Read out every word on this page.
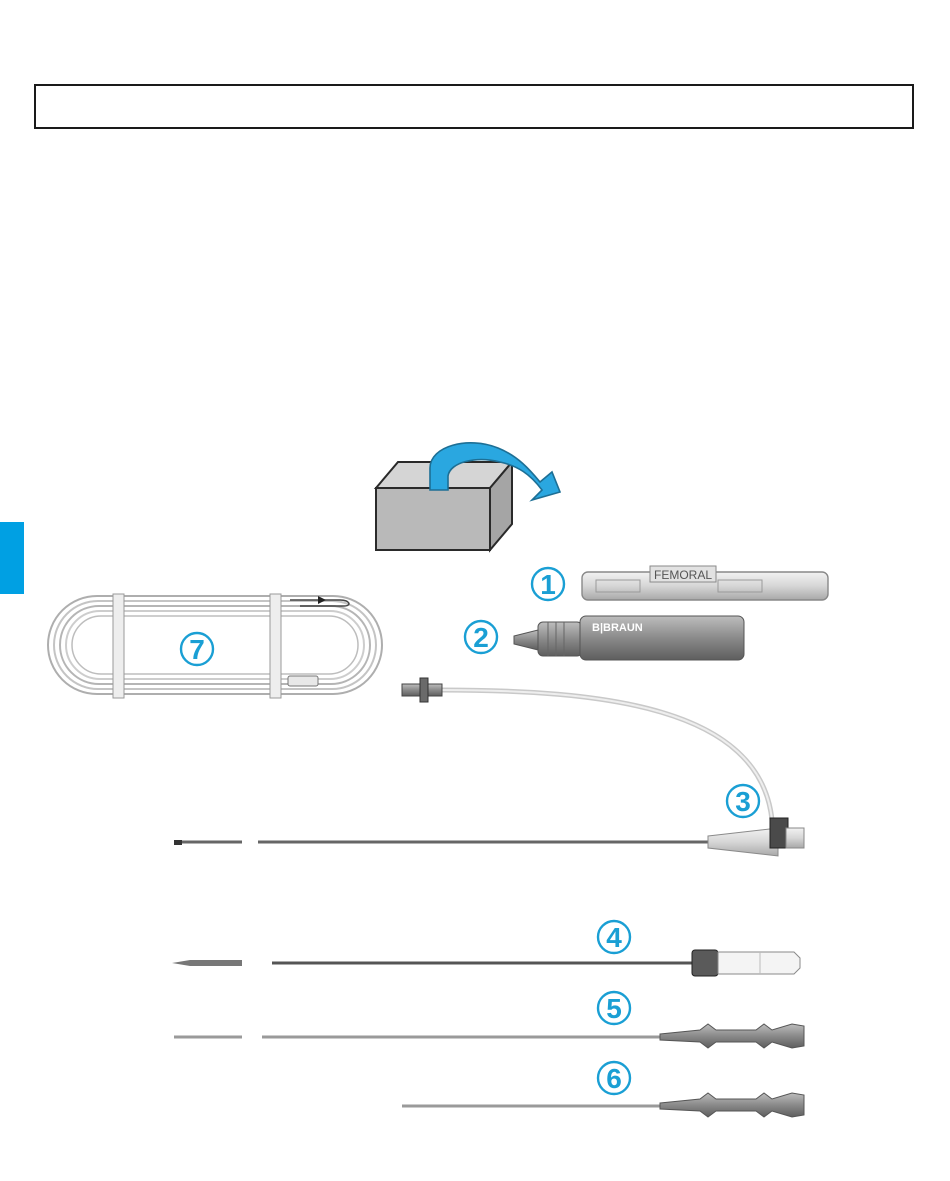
7
FEMORAL
1
B|BRAUN
2
3
4
5
6
